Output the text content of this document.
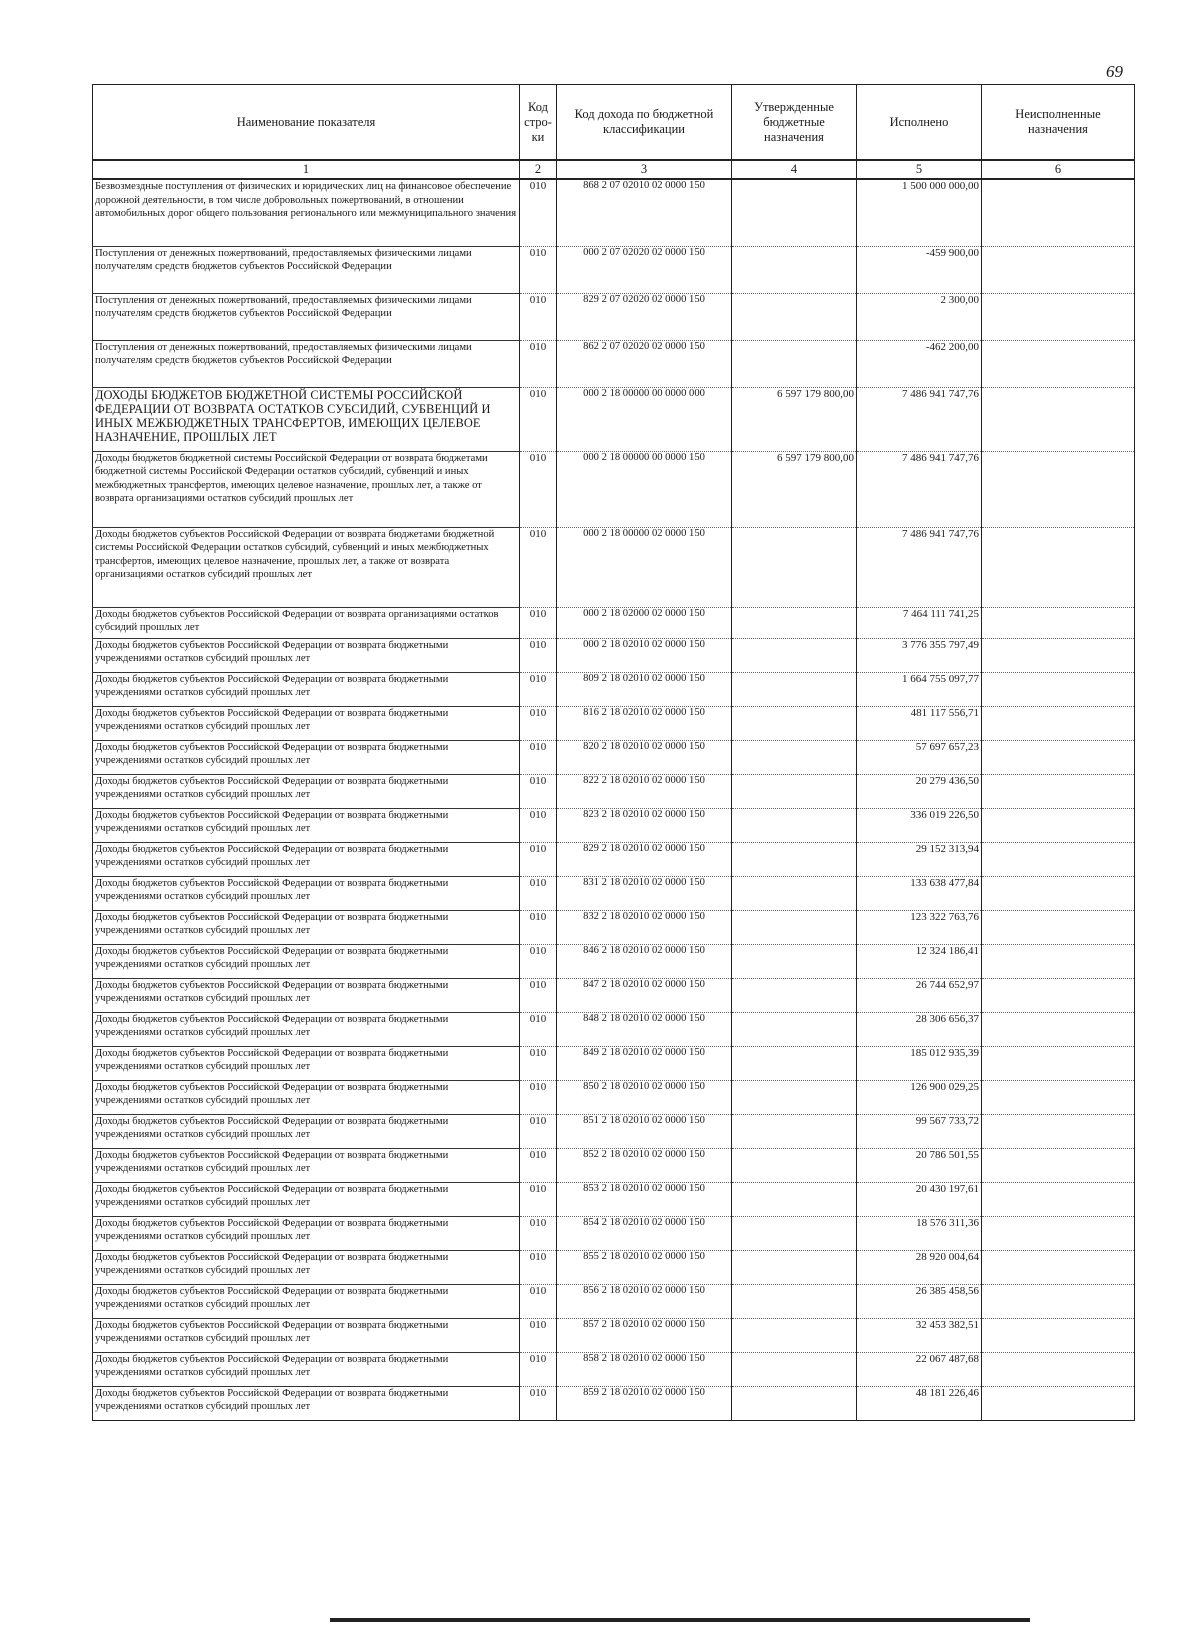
69
Наименование показателя	Код стро-ки	Код дохода по бюджетной классификации	Утвержденные бюджетные назначения	Исполнено	Неисполненные назначения
1	2	3	4	5	6
Безвозмездные поступления от физических и юридических лиц на финансовое обеспечение дорожной деятельности, в том числе добровольных пожертвований, в отношении автомобильных дорог общего пользования регионального или межмуниципального значения	010	868 2 07 02010 02 0000 150		1 500 000 000,00	
Поступления от денежных пожертвований, предоставляемых физическими лицами получателям средств бюджетов субъектов Российской Федерации	010	000 2 07 02020 02 0000 150		-459 900,00	
Поступления от денежных пожертвований, предоставляемых физическими лицами получателям средств бюджетов субъектов Российской Федерации	010	829 2 07 02020 02 0000 150		2 300,00	
Поступления от денежных пожертвований, предоставляемых физическими лицами получателям средств бюджетов субъектов Российской Федерации	010	862 2 07 02020 02 0000 150		-462 200,00	
ДОХОДЫ БЮДЖЕТОВ БЮДЖЕТНОЙ СИСТЕМЫ РОССИЙСКОЙ ФЕДЕРАЦИИ ОТ ВОЗВРАТА ОСТАТКОВ СУБСИДИЙ, СУБВЕНЦИЙ И ИНЫХ МЕЖБЮДЖЕТНЫХ ТРАНСФЕРТОВ, ИМЕЮЩИХ ЦЕЛЕВОЕ НАЗНАЧЕНИЕ, ПРОШЛЫХ ЛЕТ	010	000 2 18 00000 00 0000 000	6 597 179 800,00	7 486 941 747,76	
Доходы бюджетов бюджетной системы Российской Федерации от возврата бюджетами бюджетной системы Российской Федерации остатков субсидий, субвенций и иных межбюджетных трансфертов, имеющих целевое назначение, прошлых лет, а также от возврата организациями остатков субсидий прошлых лет	010	000 2 18 00000 00 0000 150	6 597 179 800,00	7 486 941 747,76	
Доходы бюджетов субъектов Российской Федерации от возврата бюджетами бюджетной системы Российской Федерации остатков субсидий, субвенций и иных межбюджетных трансфертов, имеющих целевое назначение, прошлых лет, а также от возврата организациями остатков субсидий прошлых лет	010	000 2 18 00000 02 0000 150		7 486 941 747,76	
Доходы бюджетов субъектов Российской Федерации от возврата организациями остатков субсидий прошлых лет	010	000 2 18 02000 02 0000 150		7 464 111 741,25	
Доходы бюджетов субъектов Российской Федерации от возврата бюджетными учреждениями остатков субсидий прошлых лет	010	000 2 18 02010 02 0000 150		3 776 355 797,49	
Доходы бюджетов субъектов Российской Федерации от возврата бюджетными учреждениями остатков субсидий прошлых лет	010	809 2 18 02010 02 0000 150		1 664 755 097,77	
Доходы бюджетов субъектов Российской Федерации от возврата бюджетными учреждениями остатков субсидий прошлых лет	010	816 2 18 02010 02 0000 150		481 117 556,71	
Доходы бюджетов субъектов Российской Федерации от возврата бюджетными учреждениями остатков субсидий прошлых лет	010	820 2 18 02010 02 0000 150		57 697 657,23	
Доходы бюджетов субъектов Российской Федерации от возврата бюджетными учреждениями остатков субсидий прошлых лет	010	822 2 18 02010 02 0000 150		20 279 436,50	
Доходы бюджетов субъектов Российской Федерации от возврата бюджетными учреждениями остатков субсидий прошлых лет	010	823 2 18 02010 02 0000 150		336 019 226,50	
Доходы бюджетов субъектов Российской Федерации от возврата бюджетными учреждениями остатков субсидий прошлых лет	010	829 2 18 02010 02 0000 150		29 152 313,94	
Доходы бюджетов субъектов Российской Федерации от возврата бюджетными учреждениями остатков субсидий прошлых лет	010	831 2 18 02010 02 0000 150		133 638 477,84	
Доходы бюджетов субъектов Российской Федерации от возврата бюджетными учреждениями остатков субсидий прошлых лет	010	832 2 18 02010 02 0000 150		123 322 763,76	
Доходы бюджетов субъектов Российской Федерации от возврата бюджетными учреждениями остатков субсидий прошлых лет	010	846 2 18 02010 02 0000 150		12 324 186,41	
Доходы бюджетов субъектов Российской Федерации от возврата бюджетными учреждениями остатков субсидий прошлых лет	010	847 2 18 02010 02 0000 150		26 744 652,97	
Доходы бюджетов субъектов Российской Федерации от возврата бюджетными учреждениями остатков субсидий прошлых лет	010	848 2 18 02010 02 0000 150		28 306 656,37	
Доходы бюджетов субъектов Российской Федерации от возврата бюджетными учреждениями остатков субсидий прошлых лет	010	849 2 18 02010 02 0000 150		185 012 935,39	
Доходы бюджетов субъектов Российской Федерации от возврата бюджетными учреждениями остатков субсидий прошлых лет	010	850 2 18 02010 02 0000 150		126 900 029,25	
Доходы бюджетов субъектов Российской Федерации от возврата бюджетными учреждениями остатков субсидий прошлых лет	010	851 2 18 02010 02 0000 150		99 567 733,72	
Доходы бюджетов субъектов Российской Федерации от возврата бюджетными учреждениями остатков субсидий прошлых лет	010	852 2 18 02010 02 0000 150		20 786 501,55	
Доходы бюджетов субъектов Российской Федерации от возврата бюджетными учреждениями остатков субсидий прошлых лет	010	853 2 18 02010 02 0000 150		20 430 197,61	
Доходы бюджетов субъектов Российской Федерации от возврата бюджетными учреждениями остатков субсидий прошлых лет	010	854 2 18 02010 02 0000 150		18 576 311,36	
Доходы бюджетов субъектов Российской Федерации от возврата бюджетными учреждениями остатков субсидий прошлых лет	010	855 2 18 02010 02 0000 150		28 920 004,64	
Доходы бюджетов субъектов Российской Федерации от возврата бюджетными учреждениями остатков субсидий прошлых лет	010	856 2 18 02010 02 0000 150		26 385 458,56	
Доходы бюджетов субъектов Российской Федерации от возврата бюджетными учреждениями остатков субсидий прошлых лет	010	857 2 18 02010 02 0000 150		32 453 382,51	
Доходы бюджетов субъектов Российской Федерации от возврата бюджетными учреждениями остатков субсидий прошлых лет	010	858 2 18 02010 02 0000 150		22 067 487,68	
Доходы бюджетов субъектов Российской Федерации от возврата бюджетными учреждениями остатков субсидий прошлых лет	010	859 2 18 02010 02 0000 150		48 181 226,46	
